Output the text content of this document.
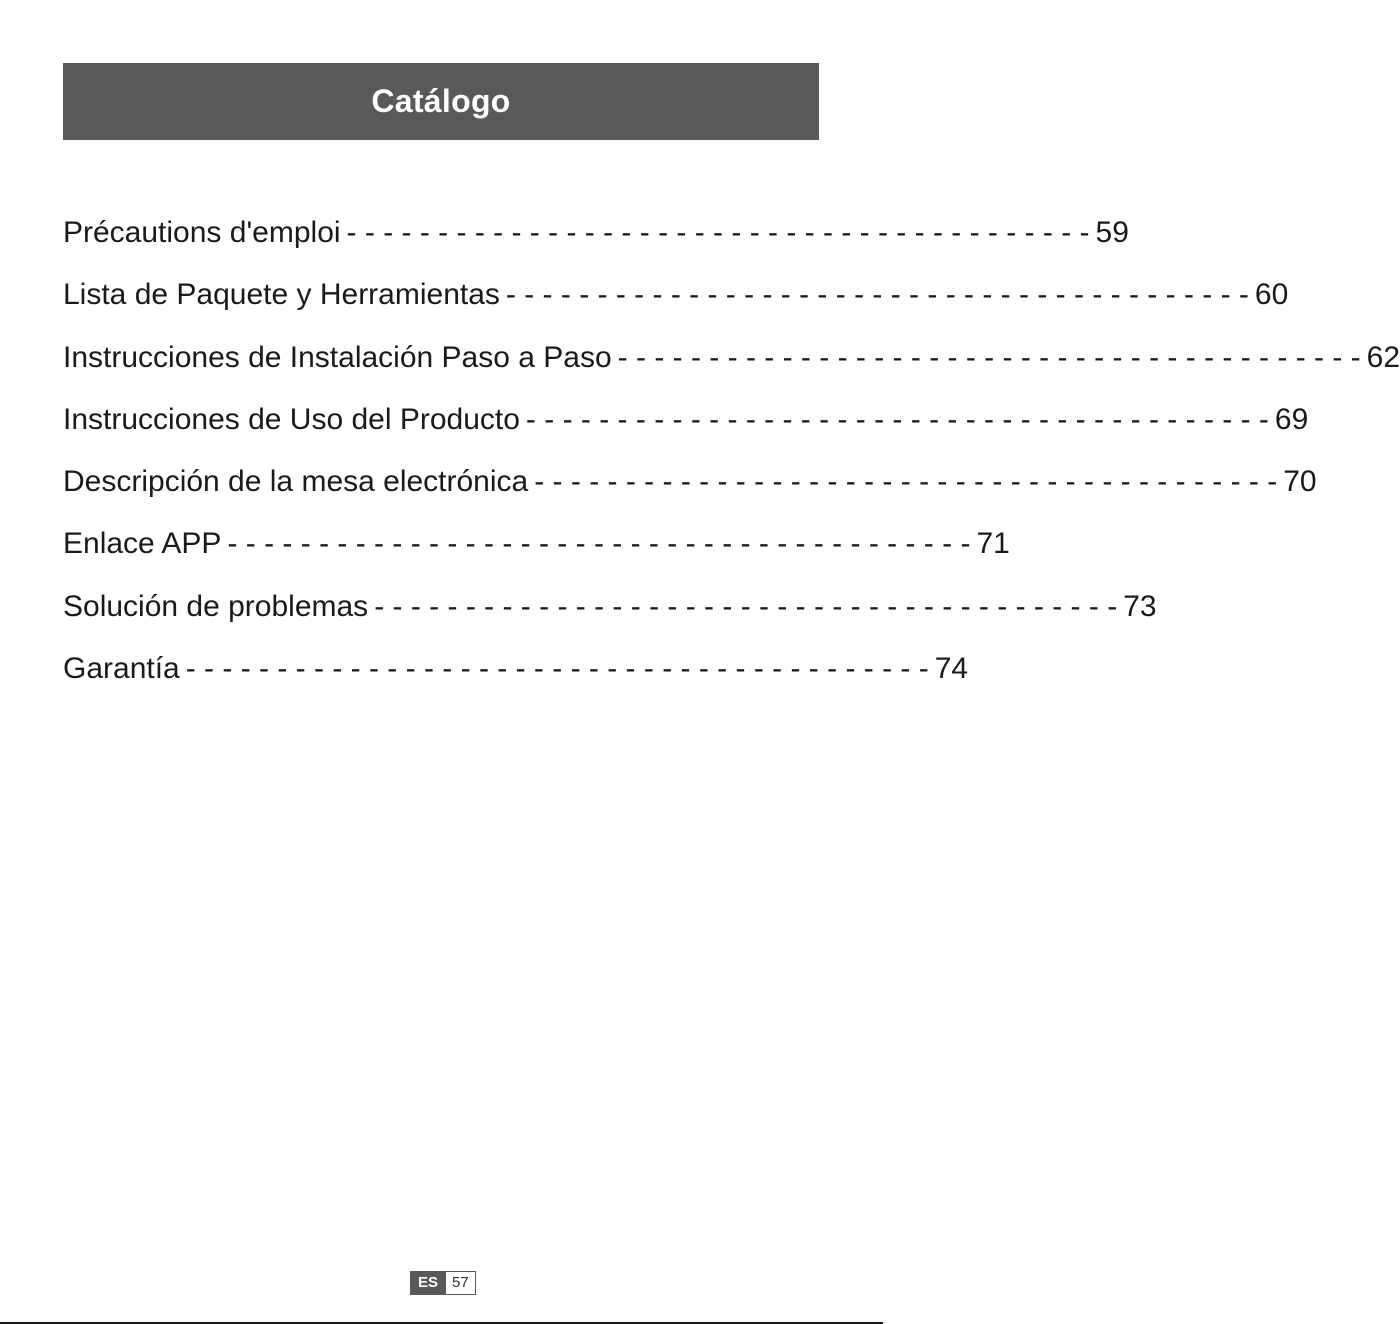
Catálogo
Précautions d'emploi - - - - - - - - - - - - - - - - - - - - - - - - - - - - - - - - - - - - - - - - - 59
Lista de Paquete y Herramientas - - - - - - - - - - - - - - - - - - - - - - - - - - - - - - - - - - - - - - - - - 60
Instrucciones de Instalación Paso a Paso - - - - - - - - - - - - - - - - - - - - - - - - - - - - - - - - - - - - - - - - - 62
Instrucciones de Uso del Producto - - - - - - - - - - - - - - - - - - - - - - - - - - - - - - - - - - - - - - - - - 69
Descripción de la mesa electrónica - - - - - - - - - - - - - - - - - - - - - - - - - - - - - - - - - - - - - - - - - 70
Enlace APP - - - - - - - - - - - - - - - - - - - - - - - - - - - - - - - - - - - - - - - - - 71
Solución de problemas - - - - - - - - - - - - - - - - - - - - - - - - - - - - - - - - - - - - - - - - - 73
Garantía - - - - - - - - - - - - - - - - - - - - - - - - - - - - - - - - - - - - - - - - - 74
ES 57
